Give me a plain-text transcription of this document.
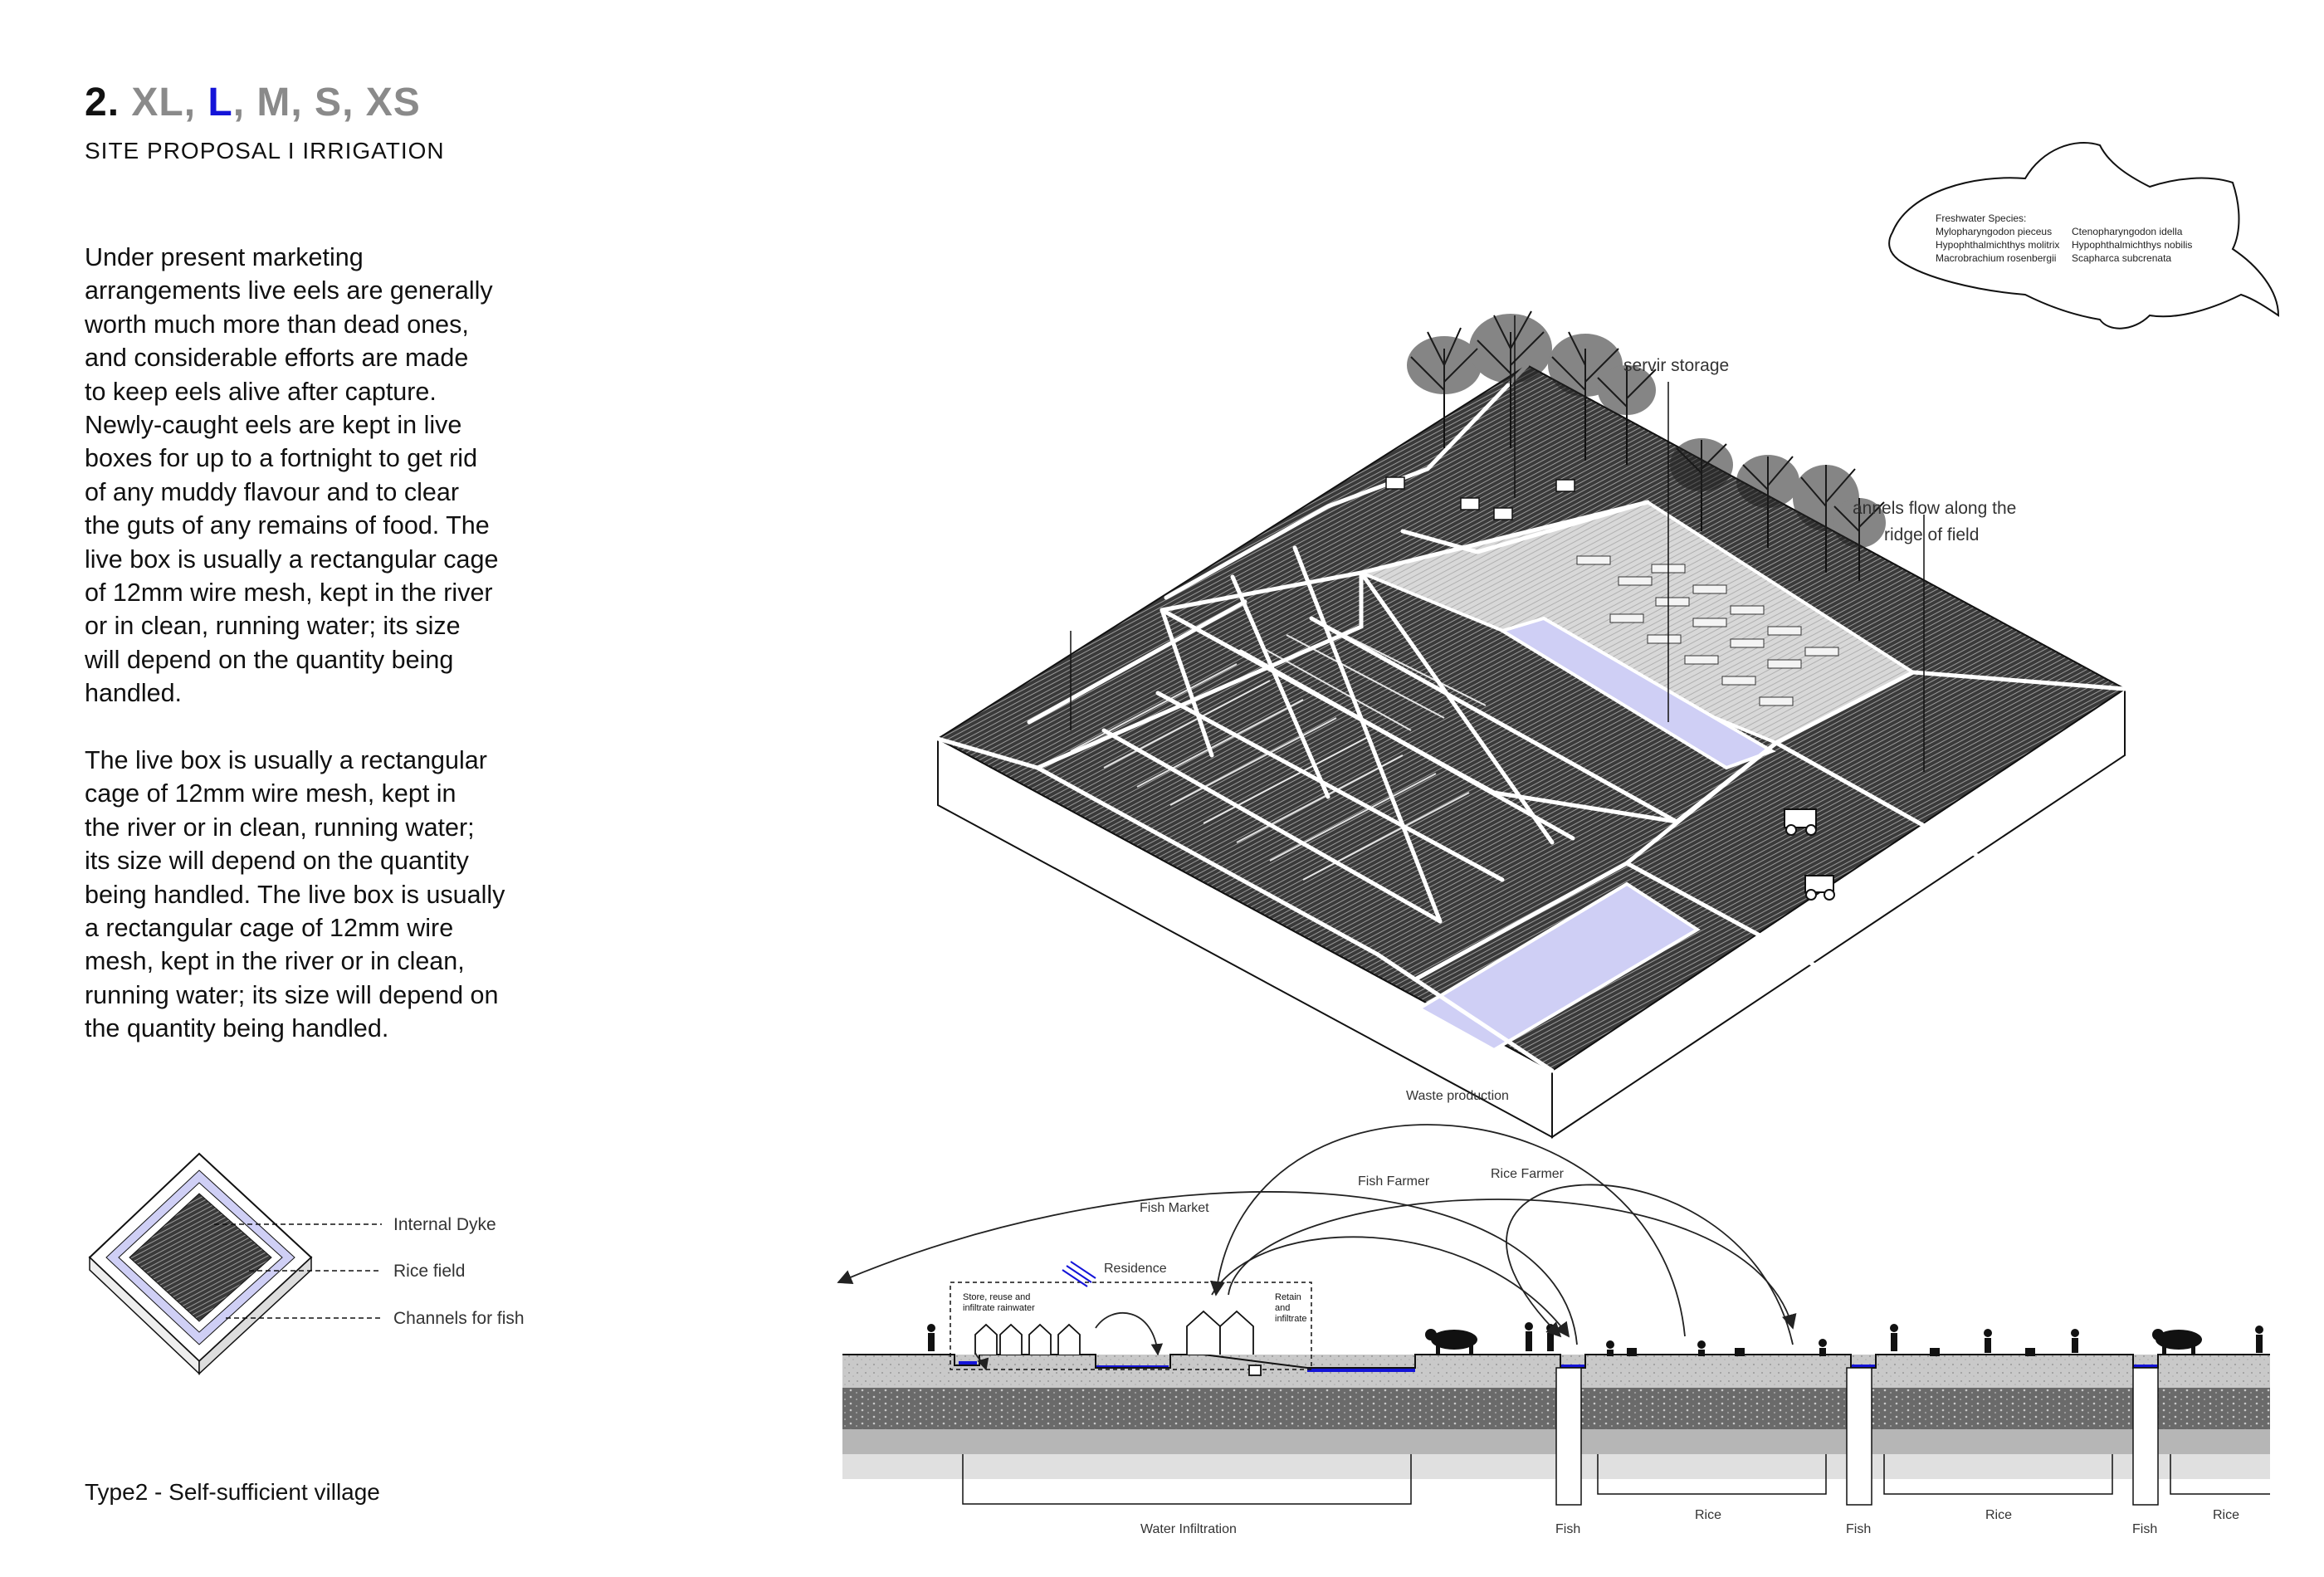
2. XL, L, M, S, XS
SITE PROPOSAL I IRRIGATION
Under present marketing
arrangements live eels are generally
worth much more than dead ones,
and considerable efforts are made
to keep eels alive after capture.
Newly-caught eels are kept in live
boxes for up to a fortnight to get rid
of any muddy flavour and to clear
the guts of any remains of food. The
live box is usually a rectangular cage
of 12mm wire mesh, kept in the river
or in clean, running water; its size
will depend on the quantity being
handled.
The live box is usually a rectangular
cage of 12mm wire mesh, kept in
the river or in clean, running water;
its size will depend on the quantity
being handled. The live box is usually
a rectangular cage of 12mm wire
mesh, kept in the river or in clean,
running water; its size will depend on
the quantity being handled.
Type2 - Self-sufficient village
servir storage
annels flow along the
ridge of field
Freshwater Species:
Mylopharyngodon pieceus
Hypophthalmichthys molitrix
Macrobrachium rosenbergii
Ctenopharyngodon idella
Hypophthalmichthys nobilis
Scapharca subcrenata
Internal Dyke
Rice field
Channels for fish
Waste production
Fish Farmer
Rice Farmer
Fish Market
Residence
Store, reuse and infiltrate rainwater
Retain and infiltrate
Water Infiltration	Fish	Fish	Fish
Rice	Rice	Rice
